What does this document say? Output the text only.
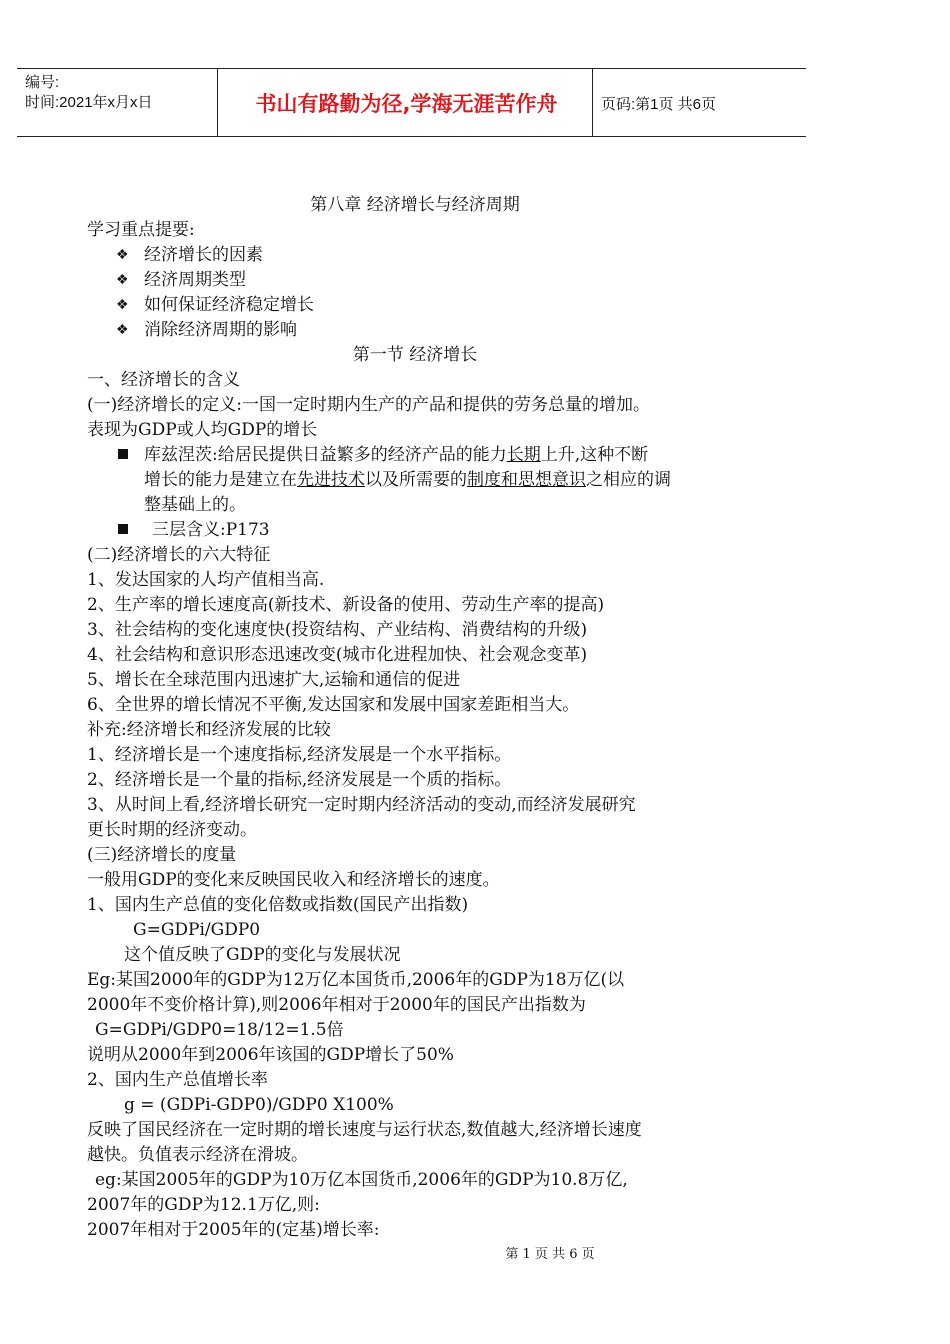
编号:
时间:2021年x月x日	书山有路勤为径,学海无涯苦作舟	页码:第1页 共6页
第八章 经济增长与经济周期
学习重点提要:
❖ 经济增长的因素
❖ 经济周期类型
❖ 如何保证经济稳定增长
❖ 消除经济周期的影响
第一节 经济增长
一、经济增长的含义
(一)经济增长的定义:一国一定时期内生产的产品和提供的劳务总量的增加。
表现为GDP或人均GDP的增长
库兹涅茨:给居民提供日益繁多的经济产品的能力长期上升,这种不断
增长的能力是建立在先进技术以及所需要的制度和思想意识之相应的调
整基础上的。
三层含义:P173
(二)经济增长的六大特征
1、发达国家的人均产值相当高.
2、生产率的增长速度高(新技术、新设备的使用、劳动生产率的提高)
3、社会结构的变化速度快(投资结构、产业结构、消费结构的升级)
4、社会结构和意识形态迅速改变(城市化进程加快、社会观念变革)
5、增长在全球范围内迅速扩大,运输和通信的促进
6、全世界的增长情况不平衡,发达国家和发展中国家差距相当大。
补充:经济增长和经济发展的比较
1、经济增长是一个速度指标,经济发展是一个水平指标。
2、经济增长是一个量的指标,经济发展是一个质的指标。
3、从时间上看,经济增长研究一定时期内经济活动的变动,而经济发展研究
更长时期的经济变动。
(三)经济增长的度量
一般用GDP的变化来反映国民收入和经济增长的速度。
1、国内生产总值的变化倍数或指数(国民产出指数)
G=GDPi/GDP0
这个值反映了GDP的变化与发展状况
Eg:某国2000年的GDP为12万亿本国货币,2006年的GDP为18万亿(以
2000年不变价格计算),则2006年相对于2000年的国民产出指数为
G=GDPi/GDP0=18/12=1.5倍
说明从2000年到2006年该国的GDP增长了50%
2、国内生产总值增长率
g = (GDPi-GDP0)/GDP0 X100%
反映了国民经济在一定时期的增长速度与运行状态,数值越大,经济增长速度
越快。负值表示经济在滑坡。
eg:某国2005年的GDP为10万亿本国货币,2006年的GDP为10.8万亿,
2007年的GDP为12.1万亿,则:
2007年相对于2005年的(定基)增长率:
第 1 页 共 6 页
